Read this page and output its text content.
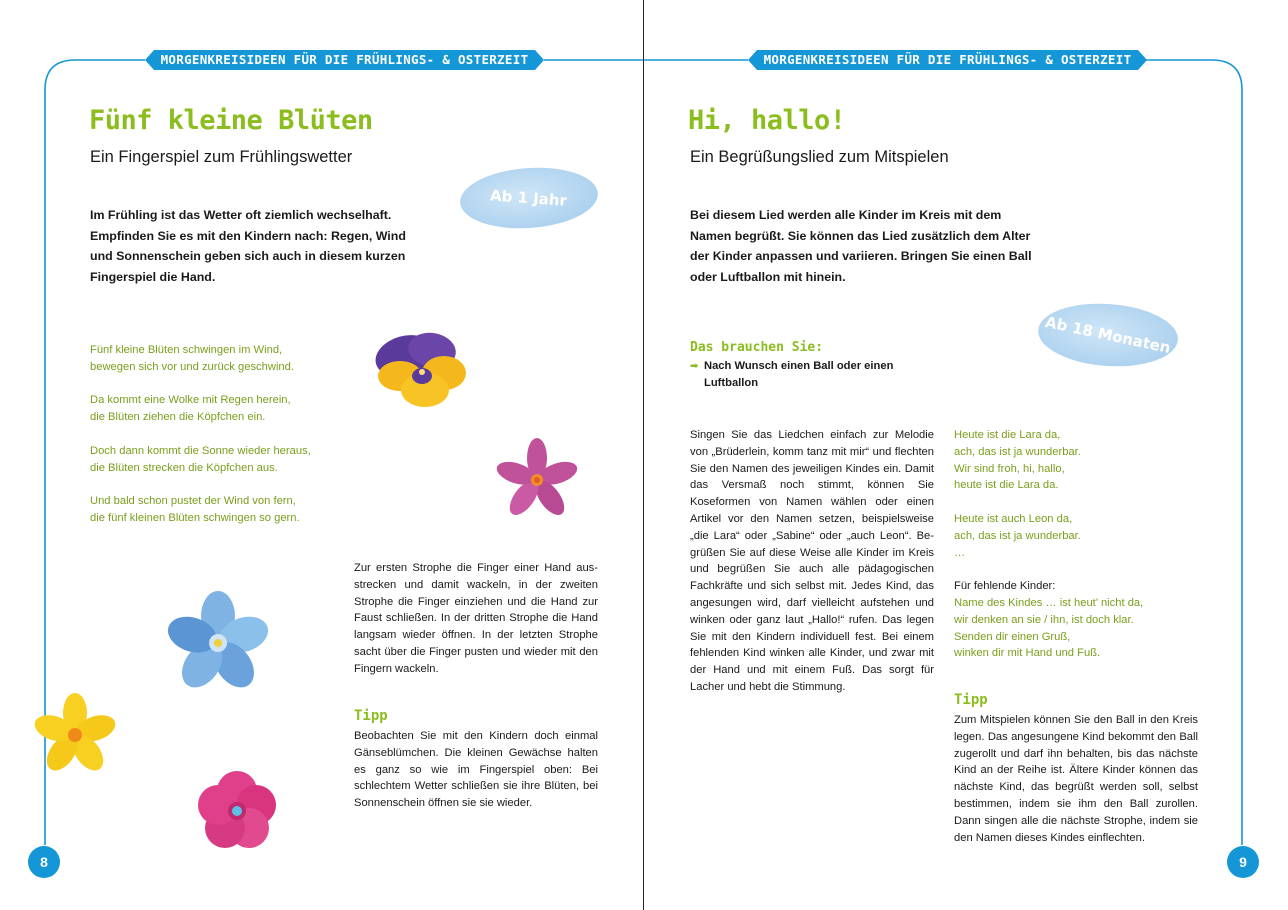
MORGENKREISIDEEN FÜR DIE FRÜHLINGS- & OSTERZEIT
Fünf kleine Blüten
Ein Fingerspiel zum Frühlingswetter
Ab 1 Jahr
Im Frühling ist das Wetter oft ziemlich wechselhaft.
Empfinden Sie es mit den Kindern nach: Regen, Wind
und Sonnenschein geben sich auch in diesem kurzen
Fingerspiel die Hand.

Fünf kleine Blüten schwingen im Wind,
bewegen sich vor und zurück geschwind.

Da kommt eine Wolke mit Regen herein,
die Blüten ziehen die Köpfchen ein.

Doch dann kommt die Sonne wieder heraus,
die Blüten strecken die Köpfchen aus.

Und bald schon pustet der Wind von fern,
die fünf kleinen Blüten schwingen so gern.

Zur ersten Strophe die Finger einer Hand ausstrecken und damit wackeln, in der zweiten Strophe die Finger einziehen und die Hand zur Faust schließen. In der dritten Strophe die Hand langsam wieder öffnen. In der letzten Strophe sacht über die Finger pusten und wieder mit den Fingern wackeln.
Tipp
Beobachten Sie mit den Kindern doch einmal Gänseblümchen. Die kleinen Gewächse halten es ganz so wie im Fingerspiel oben: Bei schlechtem Wetter schließen sie ihre Blüten, bei Sonnenschein öffnen sie sie wieder.
8
MORGENKREISIDEEN FÜR DIE FRÜHLINGS- & OSTERZEIT
Hi, hallo!
Ein Begrüßungslied zum Mitspielen
Bei diesem Lied werden alle Kinder im Kreis mit dem
Namen begrüßt. Sie können das Lied zusätzlich dem Alter
der Kinder anpassen und variieren. Bringen Sie einen Ball
oder Luftballon mit hinein.
Ab 18 Monaten
Das brauchen Sie:
➡ Nach Wunsch einen Ball oder einen
Luftballon
Singen Sie das Liedchen einfach zur Melodie von „Brüderlein, komm tanz mit mir“ und flechten Sie den Namen des jeweiligen Kindes ein. Damit das Versmaß noch stimmt, können Sie Koseformen von Namen wählen oder einen Artikel vor den Namen setzen, beispielsweise „die Lara“ oder „Sabine“ oder „auch Leon“. Begrüßen Sie auf diese Weise alle Kinder im Kreis und begrüßen Sie auch alle pädagogischen Fachkräfte und sich selbst mit. Jedes Kind, das angesungen wird, darf vielleicht aufstehen und winken oder ganz laut „Hallo!“ rufen. Das legen Sie mit den Kindern individuell fest. Bei einem fehlenden Kind winken alle Kinder, und zwar mit der Hand und mit einem Fuß. Das sorgt für Lacher und hebt die Stimmung.
Heute ist die Lara da,
ach, das ist ja wunderbar.
Wir sind froh, hi, hallo,
heute ist die Lara da.
Heute ist auch Leon da,
ach, das ist ja wunderbar.
…
Für fehlende Kinder:
Name des Kindes … ist heut’ nicht da,
wir denken an sie / ihn, ist doch klar.
Senden dir einen Gruß,
winken dir mit Hand und Fuß.
Tipp
Zum Mitspielen können Sie den Ball in den Kreis legen. Das angesungene Kind bekommt den Ball zugerollt und darf ihn behalten, bis das nächste Kind an der Reihe ist. Ältere Kinder können das nächste Kind, das begrüßt werden soll, selbst bestimmen, indem sie ihm den Ball zurollen. Dann singen alle die nächste Strophe, indem sie den Namen dieses Kindes einflechten.
9
